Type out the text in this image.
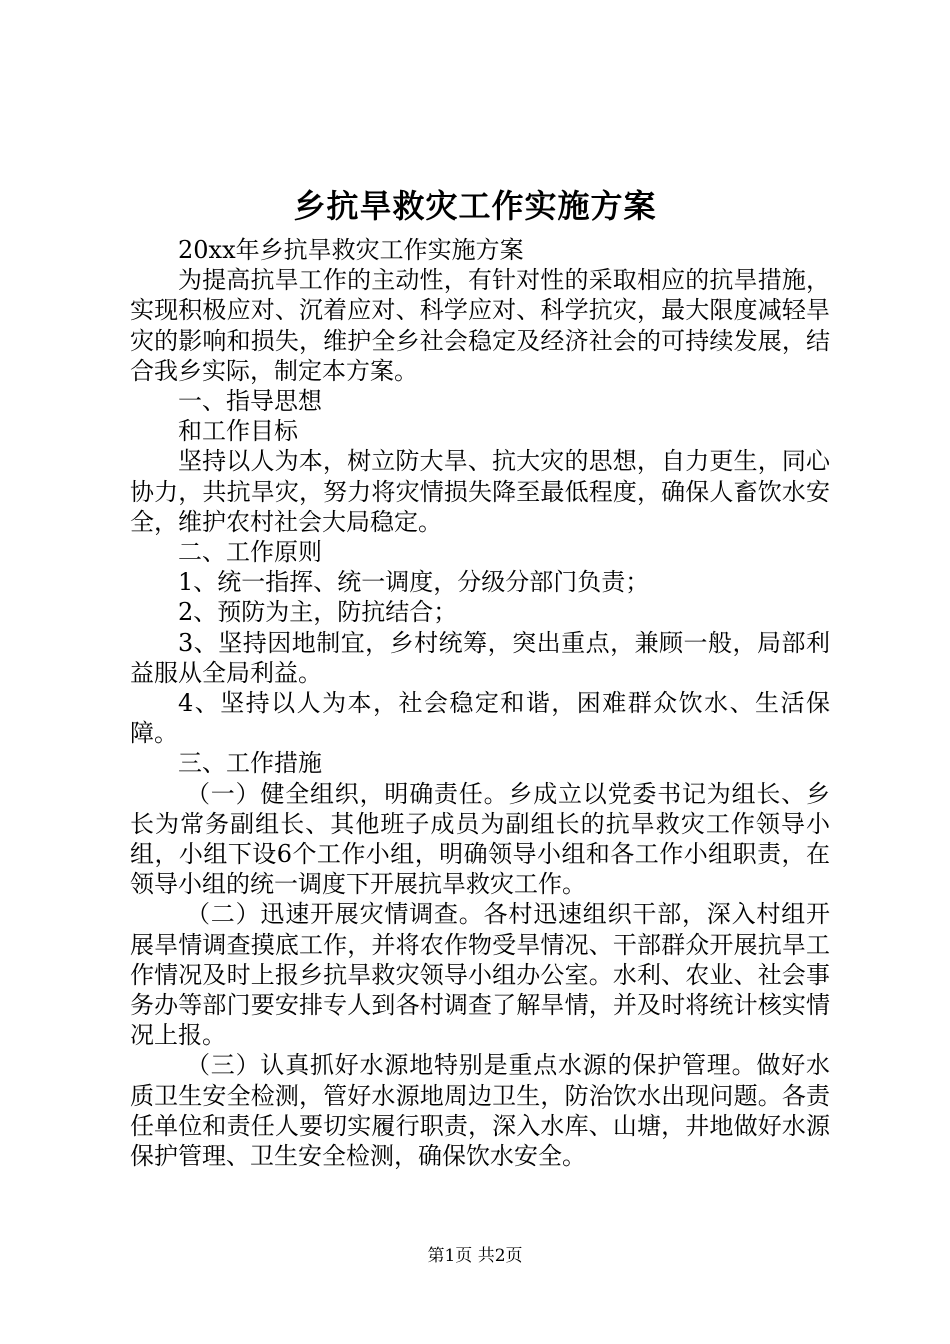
乡抗旱救灾工作实施方案

20xx年乡抗旱救灾工作实施方案

为提高抗旱工作的主动性，有针对性的采取相应的抗旱措施，实现积极应对、沉着应对、科学应对、科学抗灾，最大限度减轻旱灾的影响和损失，维护全乡社会稳定及经济社会的可持续发展，结合我乡实际，制定本方案。

一、指导思想

和工作目标

坚持以人为本，树立防大旱、抗大灾的思想，自力更生，同心协力，共抗旱灾，努力将灾情损失降至最低程度，确保人畜饮水安全，维护农村社会大局稳定。

二、工作原则

1、统一指挥、统一调度，分级分部门负责；

2、预防为主，防抗结合；

3、坚持因地制宜，乡村统筹，突出重点，兼顾一般，局部利益服从全局利益。

4、坚持以人为本，社会稳定和谐，困难群众饮水、生活保障。

三、工作措施

（一）健全组织，明确责任。乡成立以党委书记为组长、乡长为常务副组长、其他班子成员为副组长的抗旱救灾工作领导小组，小组下设6个工作小组，明确领导小组和各工作小组职责，在领导小组的统一调度下开展抗旱救灾工作。

（二）迅速开展灾情调查。各村迅速组织干部，深入村组开展旱情调查摸底工作，并将农作物受旱情况、干部群众开展抗旱工作情况及时上报乡抗旱救灾领导小组办公室。水利、农业、社会事务办等部门要安排专人到各村调查了解旱情，并及时将统计核实情况上报。

（三）认真抓好水源地特别是重点水源的保护管理。做好水质卫生安全检测，管好水源地周边卫生，防治饮水出现问题。各责任单位和责任人要切实履行职责，深入水库、山塘，井地做好水源保护管理、卫生安全检测，确保饮水安全。

第1页 共2页
